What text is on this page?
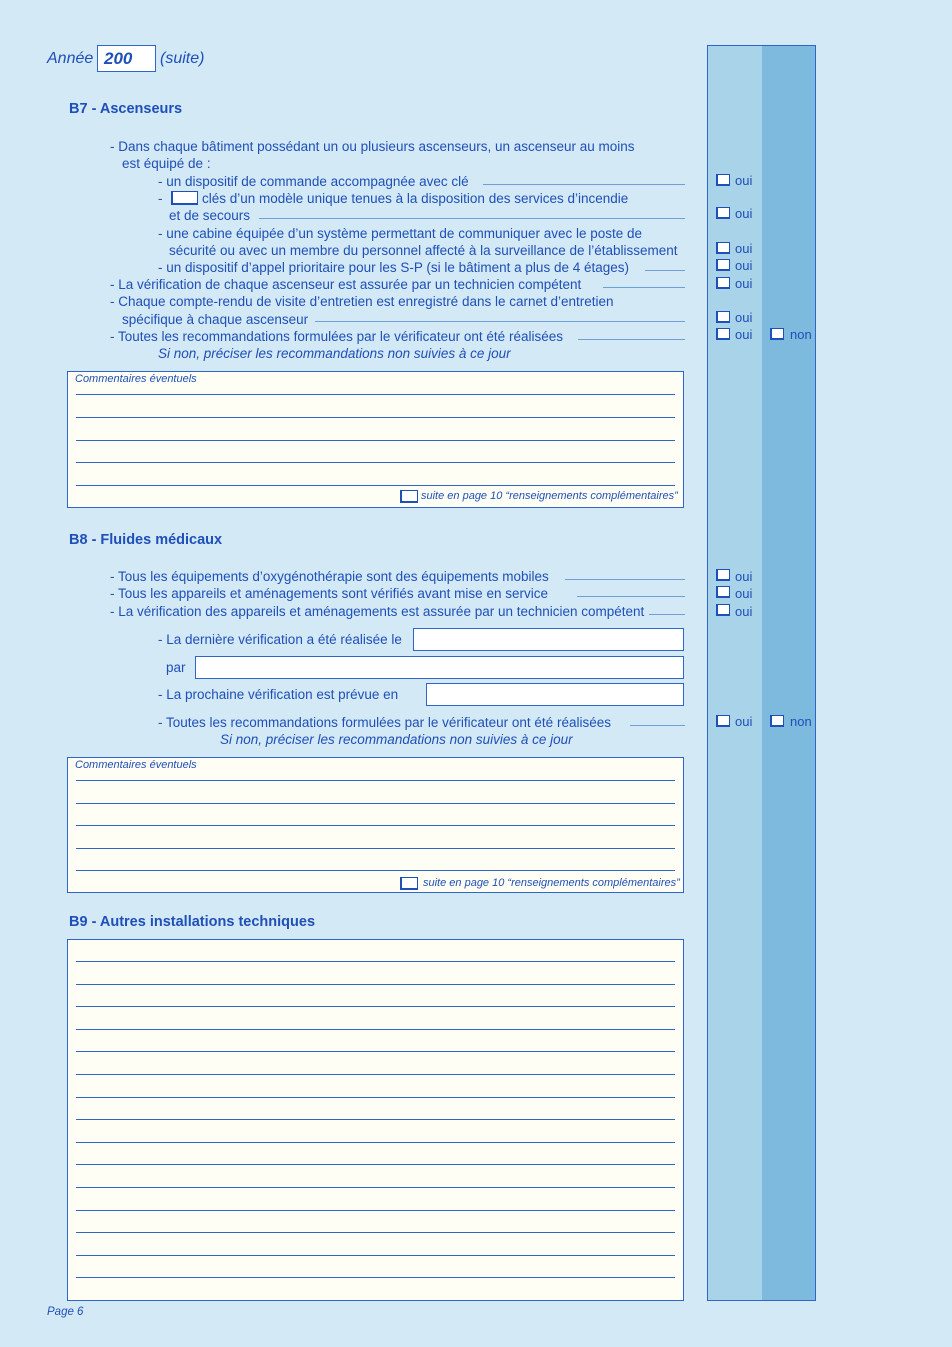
Année 200 (suite)
B7 - Ascenseurs
- Dans chaque bâtiment possédant un ou plusieurs ascenseurs, un ascenseur au moins
est équipé de :
- un dispositif de commande accompagnée avec clé	oui
-	clés d’un modèle unique tenues à la disposition des services d’incendie
et de secours	oui
- une cabine équipée d’un système permettant de communiquer avec le poste de
sécurité ou avec un membre du personnel affecté à la surveillance de l’établissement	oui
- un dispositif d’appel prioritaire pour les S-P (si le bâtiment a plus de 4 étages)	oui
- La vérification de chaque ascenseur est assurée par un technicien compétent	oui
- Chaque compte-rendu de visite d’entretien est enregistré dans le carnet d’entretien
spécifique à chaque ascenseur	oui
- Toutes les recommandations formulées par le vérificateur ont été réalisées	oui	non
Si non, préciser les recommandations non suivies à ce jour
Commentaires éventuels
suite en page 10 “renseignements complémentaires”
B8 - Fluides médicaux
- Tous les équipements d’oxygénothérapie sont des équipements mobiles	oui
- Tous les appareils et aménagements sont vérifiés avant mise en service	oui
- La vérification des appareils et aménagements est assurée par un technicien compétent	oui
- La dernière vérification a été réalisée le
par
- La prochaine vérification est prévue en
- Toutes les recommandations formulées par le vérificateur ont été réalisées	oui	non
Si non, préciser les recommandations non suivies à ce jour
Commentaires éventuels
suite en page 10 “renseignements complémentaires”
B9 - Autres installations techniques
Page 6
